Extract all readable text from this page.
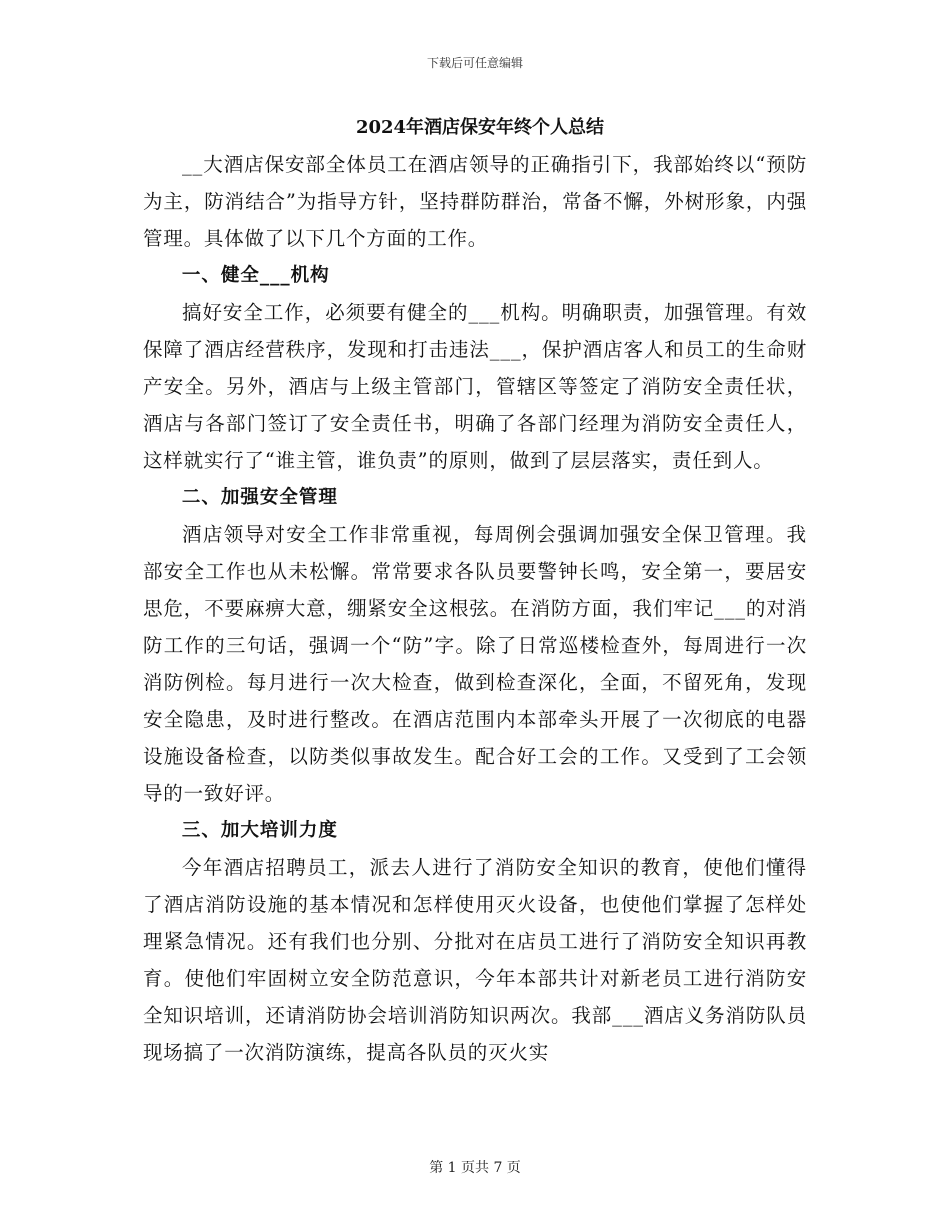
下载后可任意编辑
2024年酒店保安年终个人总结

__大酒店保安部全体员工在酒店领导的正确指引下，我部始终以“预防为主，防消结合”为指导方针，坚持群防群治，常备不懈，外树形象，内强管理。具体做了以下几个方面的工作。

一、健全___机构

搞好安全工作，必须要有健全的___机构。明确职责，加强管理。有效保障了酒店经营秩序，发现和打击违法___，保护酒店客人和员工的生命财产安全。另外，酒店与上级主管部门，管辖区等签定了消防安全责任状，酒店与各部门签订了安全责任书，明确了各部门经理为消防安全责任人，这样就实行了“谁主管，谁负责”的原则，做到了层层落实，责任到人。

二、加强安全管理

酒店领导对安全工作非常重视，每周例会强调加强安全保卫管理。我部安全工作也从未松懈。常常要求各队员要警钟长鸣，安全第一，要居安思危，不要麻痹大意，绷紧安全这根弦。在消防方面，我们牢记___的对消防工作的三句话，强调一个“防”字。除了日常巡楼检查外，每周进行一次消防例检。每月进行一次大检查，做到检查深化，全面，不留死角，发现安全隐患，及时进行整改。在酒店范围内本部牵头开展了一次彻底的电器设施设备检查，以防类似事故发生。配合好工会的工作。又受到了工会领导的一致好评。

三、加大培训力度

今年酒店招聘员工，派去人进行了消防安全知识的教育，使他们懂得了酒店消防设施的基本情况和怎样使用灭火设备，也使他们掌握了怎样处理紧急情况。还有我们也分别、分批对在店员工进行了消防安全知识再教育。使他们牢固树立安全防范意识，今年本部共计对新老员工进行消防安全知识培训，还请消防协会培训消防知识两次。我部___酒店义务消防队员现场搞了一次消防演练，提高各队员的灭火实

第 1 页共 7 页
